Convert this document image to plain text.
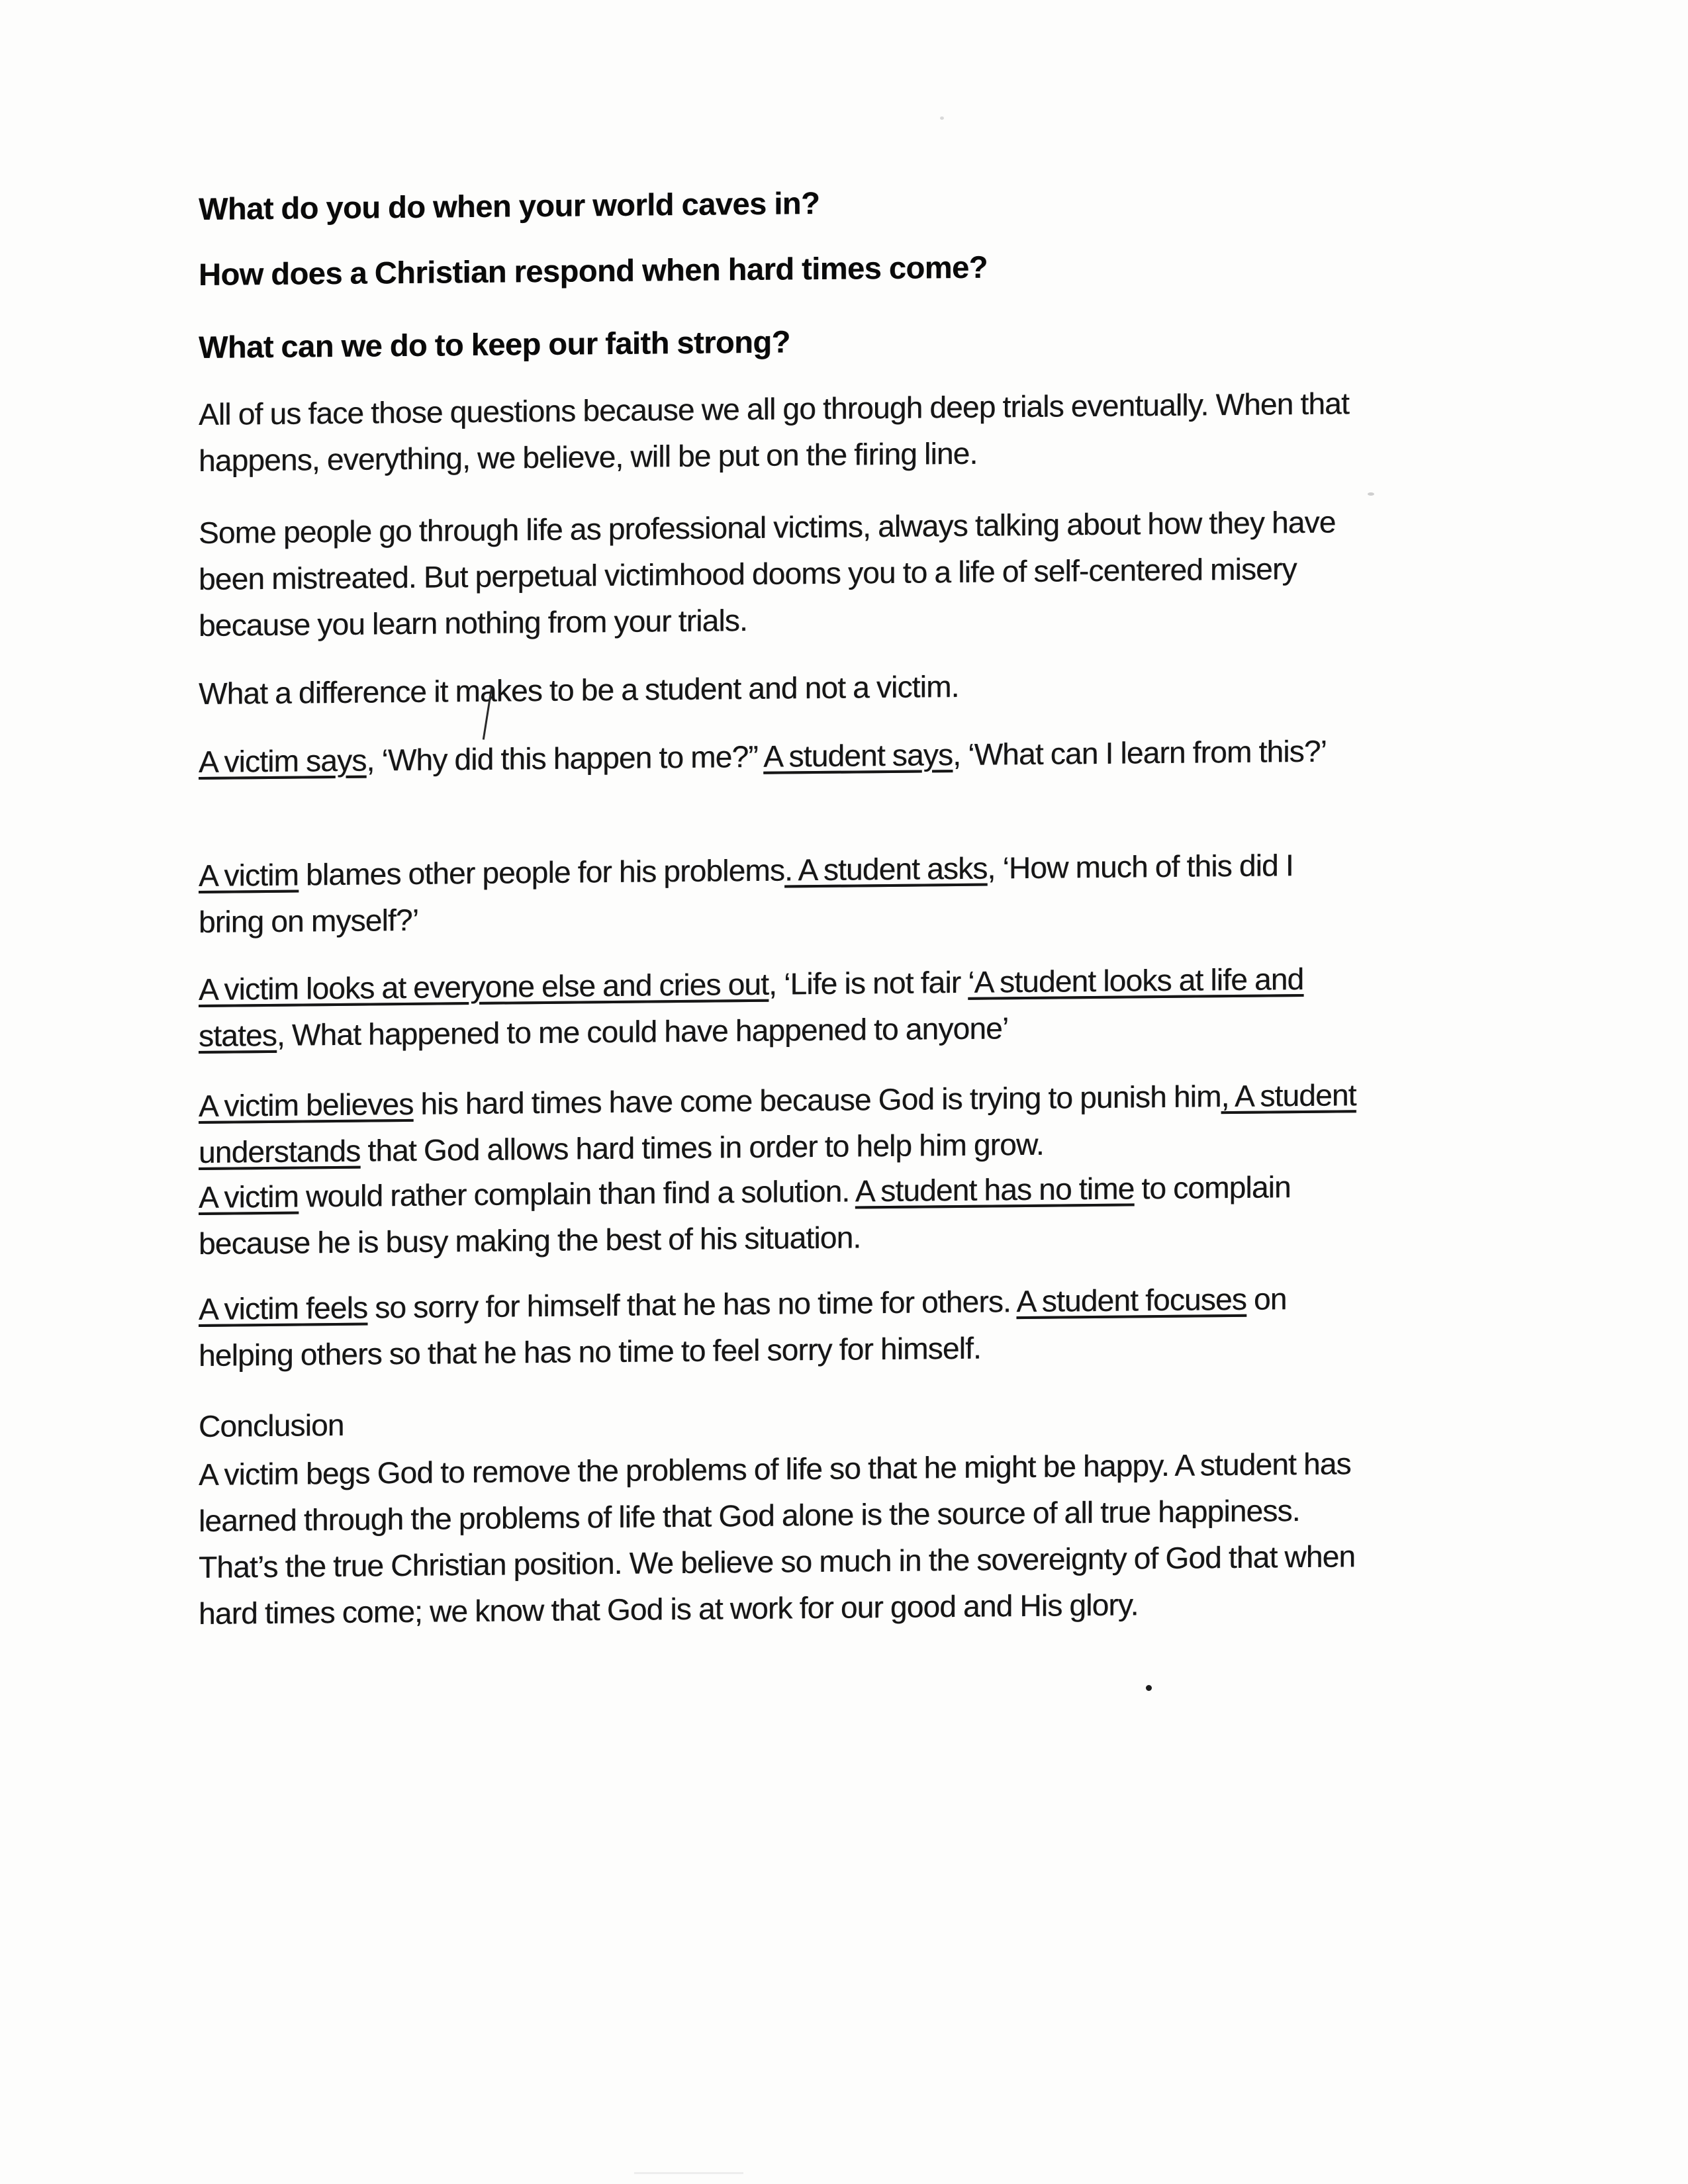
What do you do when your world caves in?
How does a Christian respond when hard times come?
What can we do to keep our faith strong?
All of us face those questions because we all go through deep trials eventually. When that
happens, everything, we believe, will be put on the firing line.
Some people go through life as professional victims, always talking about how they have
been mistreated. But perpetual victimhood dooms you to a life of self-centered misery
because you learn nothing from your trials.
What a difference it makes to be a student and not a victim.
A victim says, ‘Why did this happen to me?” A student says, ‘What can I learn from this?’
A victim blames other people for his problems. A student asks, ‘How much of this did I
bring on myself?’
A victim looks at everyone else and cries out, ‘Life is not fair ‘A student looks at life and
states, What happened to me could have happened to anyone’
A victim believes his hard times have come because God is trying to punish him, A student
understands that God allows hard times in order to help him grow.
A victim would rather complain than find a solution. A student has no time to complain
because he is busy making the best of his situation.
A victim feels so sorry for himself that he has no time for others. A student focuses on
helping others so that he has no time to feel sorry for himself.
Conclusion
A victim begs God to remove the problems of life so that he might be happy. A student has
learned through the problems of life that God alone is the source of all true happiness.
That’s the true Christian position. We believe so much in the sovereignty of God that when
hard times come; we know that God is at work for our good and His glory.
